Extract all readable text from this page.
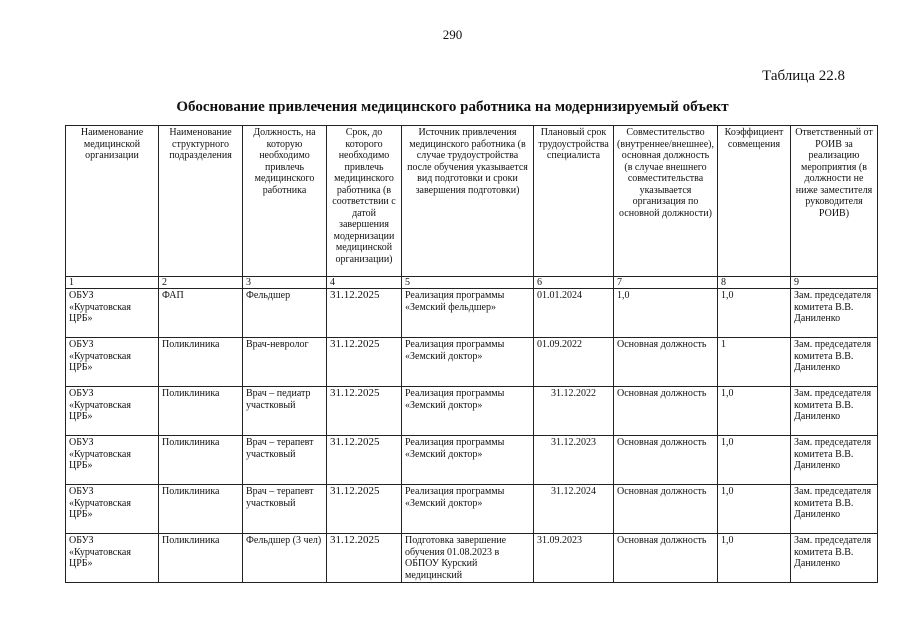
290
Таблица 22.8
Обоснование привлечения медицинского работника на модернизируемый объект
Наименование медицинской организации	Наименование структурного подразделения	Должность, на которую необходимо привлечь медицинского работника	Срок, до которого необходимо привлечь медицинского работника (в соответствии с датой завершения модернизации медицинской организации)	Источник привлечения медицинского работника (в случае трудоустройства после обучения указывается вид подготовки и сроки завершения подготовки)	Плановый срок трудоустройства специалиста	Совместительство (внутреннее/внешнее), основная должность (в случае внешнего совместительства указывается организация по основной должности)	Коэффициент совмещения	Ответственный от РОИВ за реализацию мероприятия (в должности не ниже заместителя руководителя РОИВ)
1	2	3	4	5	6	7	8	9
ОБУЗ «Курчатовская ЦРБ»	ФАП	Фельдшер	31.12.2025	Реализация программы «Земский фельдшер»	01.01.2024	1,0	1,0	Зам. председателя комитета В.В. Даниленко
ОБУЗ «Курчатовская ЦРБ»	Поликлиника	Врач-невролог	31.12.2025	Реализация программы «Земский доктор»	01.09.2022	Основная должность	1	Зам. председателя комитета В.В. Даниленко
ОБУЗ «Курчатовская ЦРБ»	Поликлиника	Врач – педиатр участковый	31.12.2025	Реализация программы «Земский доктор»	31.12.2022	Основная должность	1,0	Зам. председателя комитета В.В. Даниленко
ОБУЗ «Курчатовская ЦРБ»	Поликлиника	Врач – терапевт участковый	31.12.2025	Реализация программы «Земский доктор»	31.12.2023	Основная должность	1,0	Зам. председателя комитета В.В. Даниленко
ОБУЗ «Курчатовская ЦРБ»	Поликлиника	Врач – терапевт участковый	31.12.2025	Реализация программы «Земский доктор»	31.12.2024	Основная должность	1,0	Зам. председателя комитета В.В. Даниленко
ОБУЗ «Курчатовская ЦРБ»	Поликлиника	Фельдшер (3 чел)	31.12.2025	Подготовка завершение обучения 01.08.2023 в ОБПОУ Курский медицинский	31.09.2023	Основная должность	1,0	Зам. председателя комитета В.В. Даниленко
